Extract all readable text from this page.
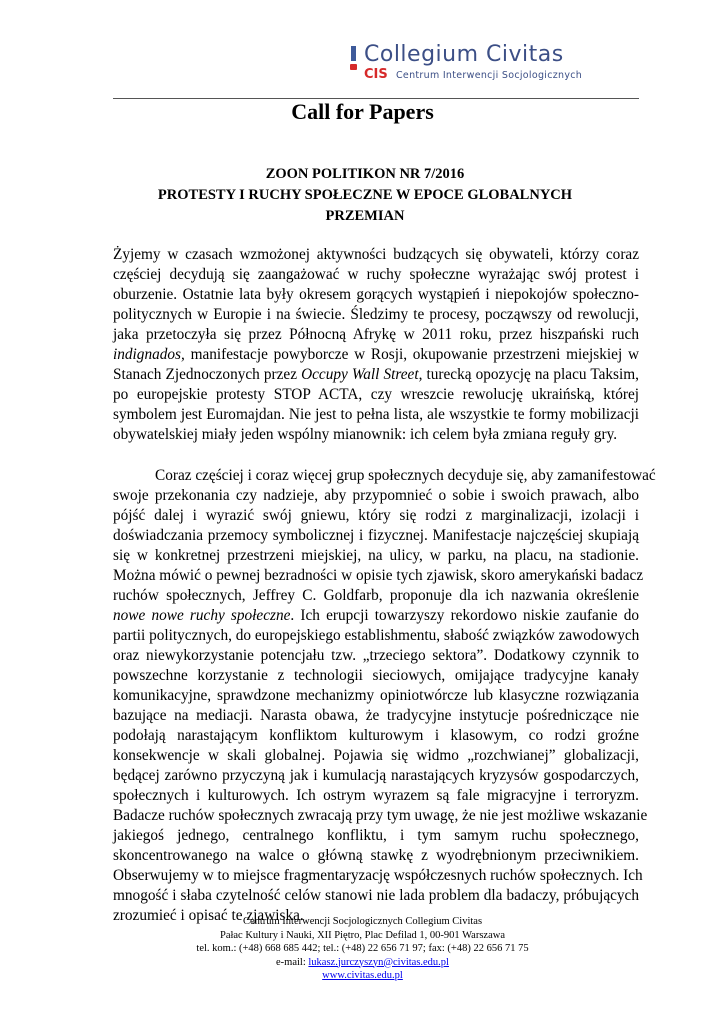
Collegium Civitas
CIS Centrum Interwencji Socjologicznych
Call for Papers
ZOON POLITIKON NR 7/2016
PROTESTY I RUCHY SPOŁECZNE W EPOCE GLOBALNYCH
PRZEMIAN

Żyjemy w czasach wzmożonej aktywności budzących się obywateli, którzy coraz
częściej decydują się zaangażować w ruchy społeczne wyrażając swój protest i
oburzenie. Ostatnie lata były okresem gorących wystąpień i niepokojów społeczno-
politycznych w Europie i na świecie. Śledzimy te procesy, począwszy od rewolucji,
jaka przetoczyła się przez Północną Afrykę w 2011 roku, przez hiszpański ruch
indignados, manifestacje powyborcze w Rosji, okupowanie przestrzeni miejskiej w
Stanach Zjednoczonych przez Occupy Wall Street, turecką opozycję na placu Taksim,
po europejskie protesty STOP ACTA, czy wreszcie rewolucję ukraińską, której
symbolem jest Euromajdan. Nie jest to pełna lista, ale wszystkie te formy mobilizacji
obywatelskiej miały jeden wspólny mianownik: ich celem była zmiana reguły gry.

Coraz częściej i coraz więcej grup społecznych decyduje się, aby zamanifestować
swoje przekonania czy nadzieje, aby przypomnieć o sobie i swoich prawach, albo
pójść dalej i wyrazić swój gniewu, który się rodzi z marginalizacji, izolacji i
doświadczania przemocy symbolicznej i fizycznej. Manifestacje najczęściej skupiają
się w konkretnej przestrzeni miejskiej, na ulicy, w parku, na placu, na stadionie.
Można mówić o pewnej bezradności w opisie tych zjawisk, skoro amerykański badacz
ruchów społecznych, Jeffrey C. Goldfarb, proponuje dla ich nazwania określenie
nowe nowe ruchy społeczne. Ich erupcji towarzyszy rekordowo niskie zaufanie do
partii politycznych, do europejskiego establishmentu, słabość związków zawodowych
oraz niewykorzystanie potencjału tzw. „trzeciego sektora”. Dodatkowy czynnik to
powszechne korzystanie z technologii sieciowych, omijające tradycyjne kanały
komunikacyjne, sprawdzone mechanizmy opiniotwórcze lub klasyczne rozwiązania
bazujące na mediacji. Narasta obawa, że tradycyjne instytucje pośredniczące nie
podołają narastającym konfliktom kulturowym i klasowym, co rodzi groźne
konsekwencje w skali globalnej. Pojawia się widmo „rozchwianej” globalizacji,
będącej zarówno przyczyną jak i kumulacją narastających kryzysów gospodarczych,
społecznych i kulturowych. Ich ostrym wyrazem są fale migracyjne i terroryzm.
Badacze ruchów społecznych zwracają przy tym uwagę, że nie jest możliwe wskazanie
jakiegoś jednego, centralnego konfliktu, i tym samym ruchu społecznego,
skoncentrowanego na walce o główną stawkę z wyodrębnionym przeciwnikiem.
Obserwujemy w to miejsce fragmentaryzację współczesnych ruchów społecznych. Ich
mnogość i słaba czytelność celów stanowi nie lada problem dla badaczy, próbujących
zrozumieć i opisać te zjawiska.

Centrum Interwencji Socjologicznych Collegium Civitas
Pałac Kultury i Nauki, XII Piętro, Plac Defilad 1, 00-901 Warszawa
tel. kom.: (+48) 668 685 442; tel.: (+48) 22 656 71 97; fax: (+48) 22 656 71 75
e-mail: lukasz.jurczyszyn@civitas.edu.pl
www.civitas.edu.pl
